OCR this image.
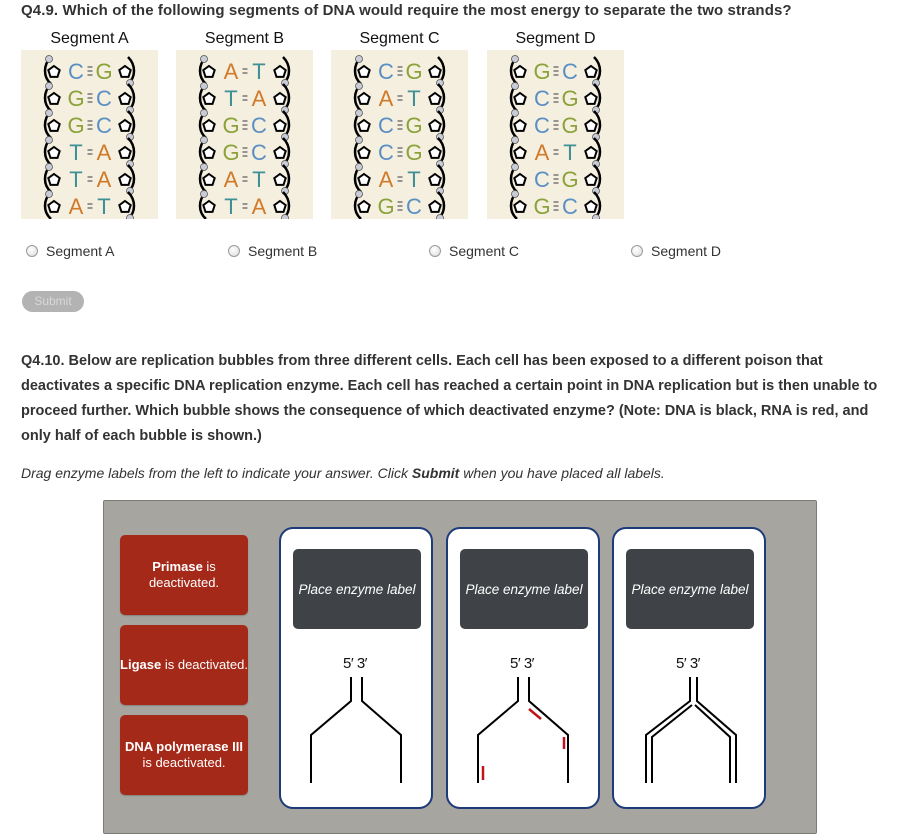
Q4.9. Which of the following segments of DNA would require the most energy to separate the two strands?
Segment A
C G
G C
G C
T A
T A
A T
Segment B
A T
T A
G C
G C
A T
T A
Segment C
C G
A T
C G
C G
A T
G C
Segment D
G C
C G
C G
A T
C G
G C
Segment A	Segment B	Segment C	Segment D
Submit
Q4.10. Below are replication bubbles from three different cells. Each cell has been exposed to a different poison that deactivates a specific DNA replication enzyme. Each cell has reached a certain point in DNA replication but is then unable to proceed further. Which bubble shows the consequence of which deactivated enzyme? (Note: DNA is black, RNA is red, and only half of each bubble is shown.)
Drag enzyme labels from the left to indicate your answer. Click Submit when you have placed all labels.
Primase is deactivated.
Ligase is deactivated.
DNA polymerase III is deactivated.
Place enzyme label
5′ 3′
Place enzyme label
5′ 3′
Place enzyme label
5′ 3′
